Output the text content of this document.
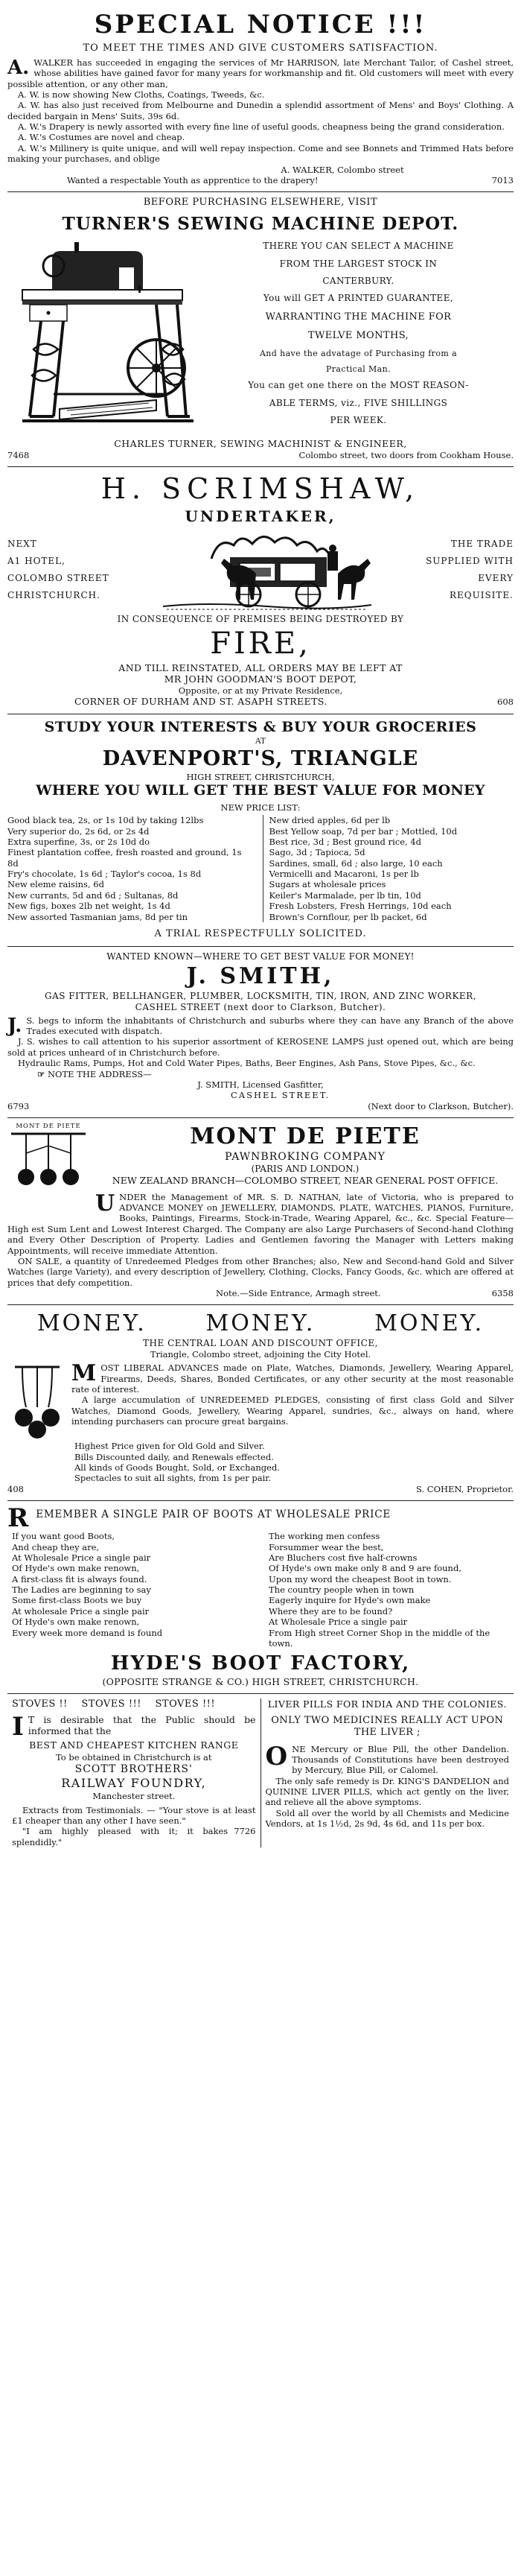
SPECIAL NOTICE !!!
TO MEET THE TIMES AND GIVE CUSTOMERS SATISFACTION.

A. WALKER has succeeded in engaging the services of Mr HARRISON, late Merchant Tailor, of Cashel street, whose abilities have gained favor for many years for workmanship and fit. Old customers will meet with every possible attention, or any other man,

A. W. is now showing New Cloths, Coatings, Tweeds, &c.

A. W. has also just received from Melbourne and Dunedin a splendid assortment of Mens' and Boys' Clothing. A decided bargain in Mens' Suits, 39s 6d.

A. W.'s Drapery is newly assorted with every fine line of useful goods, cheapness being the grand consideration.

A. W.'s Costumes are novel and cheap.

A. W.'s Millinery is quite unique, and will well repay inspection. Come and see Bonnets and Trimmed Hats before making your purchases, and oblige

A. WALKER, Colombo street
Wanted a respectable Youth as apprentice to the drapery!	7013
BEFORE PURCHASING ELSEWHERE, VISIT
TURNER'S SEWING MACHINE DEPOT.
THERE YOU CAN SELECT A MACHINE
FROM THE LARGEST STOCK IN
CANTERBURY.
You will GET A PRINTED GUARANTEE,
WARRANTING THE MACHINE FOR
TWELVE MONTHS,
And have the advatage of Purchasing from a
Practical Man.
You can get one there on the MOST REASON-
ABLE TERMS, viz., FIVE SHILLINGS
PER WEEK.
CHARLES TURNER, SEWING MACHINIST & ENGINEER,
7468	Colombo street, two doors from Cookham House.
H. SCRIMSHAW,
UNDERTAKER,
NEXT
A1 HOTEL,
COLOMBO STREET
CHRISTCHURCH.
THE TRADE
SUPPLIED WITH
EVERY
REQUISITE.
IN CONSEQUENCE OF PREMISES BEING DESTROYED BY
FIRE,
AND TILL REINSTATED, ALL ORDERS MAY BE LEFT AT
MR JOHN GOODMAN'S BOOT DEPOT,
Opposite, or at my Private Residence,
CORNER OF DURHAM AND ST. ASAPH STREETS.	608
STUDY YOUR INTERESTS & BUY YOUR GROCERIES
AT
DAVENPORT'S, TRIANGLE
HIGH STREET, CHRISTCHURCH,
WHERE YOU WILL GET THE BEST VALUE FOR MONEY
NEW PRICE LIST:
Good black tea, 2s, or 1s 10d by taking 12lbs
Very superior do, 2s 6d, or 2s 4d
Extra superfine, 3s, or 2s 10d do
Finest plantation coffee, fresh roasted and ground, 1s 8d
Fry's chocolate, 1s 6d ; Taylor's cocoa, 1s 8d
New eleme raisins, 6d
New currants, 5d and 6d ; Sultanas, 8d
New figs, boxes 2lb net weight, 1s 4d
New assorted Tasmanian jams, 8d per tin
New dried apples, 6d per lb
Best Yellow soap, 7d per bar ; Mottled, 10d
Best rice, 3d ; Best ground rice, 4d
Sago, 3d ; Tapioca, 5d
Sardines, small, 6d ; also large, 10 each
Vermicelli and Macaroni, 1s per lb
Sugars at wholesale prices
Keiler's Marmalade, per lb tin, 10d
Fresh Lobsters, Fresh Herrings, 10d each
Brown's Cornflour, per lb packet, 6d
A TRIAL RESPECTFULLY SOLICITED.
WANTED KNOWN—WHERE TO GET BEST VALUE FOR MONEY!
J. SMITH,
GAS FITTER, BELLHANGER, PLUMBER, LOCKSMITH, TIN, IRON, AND ZINC WORKER,
CASHEL STREET (next door to Clarkson, Butcher).

J. S. begs to inform the inhabitants of Christchurch and suburbs where they can have any Branch of the above Trades executed with dispatch.

J. S. wishes to call attention to his superior assortment of KEROSENE LAMPS just opened out, which are being sold at prices unheard of in Christchurch before.

Hydraulic Rams, Pumps, Hot and Cold Water Pipes, Baths, Beer Engines, Ash Pans, Stove Pipes, &c., &c.

☞ NOTE THE ADDRESS—
J. SMITH, Licensed Gasfitter,
CASHEL STREET.
6793	(Next door to Clarkson, Butcher).
MONT DE PIETE	MONT DE PIETE
PAWNBROKING COMPANY
(PARIS AND LONDON.)
NEW ZEALAND BRANCH—COLOMBO STREET, NEAR GENERAL POST OFFICE.

U NDER the Management of MR. S. D. NATHAN, late of Victoria, who is prepared to ADVANCE MONEY on JEWELLERY, DIAMONDS, PLATE, WATCHES, PIANOS, Furniture, Books, Paintings, Firearms, Stock-in-Trade, Wearing Apparel, &c., &c. Special Feature—High est Sum Lent and Lowest Interest Charged. The Company are also Large Purchasers of Second-hand Clothing and Every Other Description of Property. Ladies and Gentlemen favoring the Manager with Letters making Appointments, will receive immediate Attention.

ON SALE, a quantity of Unredeemed Pledges from other Branches; also, New and Second-hand Gold and Silver Watches (large Variety), and every description of Jewellery, Clothing, Clocks, Fancy Goods, &c. which are offered at prices that defy competition.

Note.—Side Entrance, Armagh street.	6358
MONEY.	MONEY.	MONEY.
THE CENTRAL LOAN AND DISCOUNT OFFICE,
Triangle, Colombo street, adjoining the City Hotel.

M OST LIBERAL ADVANCES made on Plate, Watches, Diamonds, Jewellery, Wearing Apparel, Firearms, Deeds, Shares, Bonded Certificates, or any other security at the most reasonable rate of interest.

A large accumulation of UNREDEEMED PLEDGES, consisting of first class Gold and Silver Watches, Diamond Goods, Jewellery, Wearing Apparel, sundries, &c., always on hand, where intending purchasers can procure great bargains.

Highest Price given for Old Gold and Silver.
Bills Discounted daily, and Renewals effected.
All kinds of Goods Bought, Sold, or Exchanged.
Spectacles to suit all sights, from 1s per pair.
408	S. COHEN, Proprietor.
R EMEMBER A SINGLE PAIR OF BOOTS AT WHOLESALE PRICE
If you want good Boots,
And cheap they are,
At Wholesale Price a single pair
Of Hyde's own make renown,
A first-class fit is always found.
The Ladies are beginning to say
Some first-class Boots we buy
At wholesale Price a single pair
Of Hyde's own make renown,
Every week more demand is found
The working men confess
Forsummer wear the best,
Are Bluchers cost five half-crowns
Of Hyde's own make only 8 and 9 are found,
Upon my word the cheapest Boot in town.
The country people when in town
Eagerly inquire for Hyde's own make
Where they are to be found?
At Wholesale Price a single pair
From High street Corner Shop in the middle of the town.
HYDE'S BOOT FACTORY,
(OPPOSITE STRANGE & CO.) HIGH STREET, CHRISTCHURCH.
STOVES !!    STOVES !!!    STOVES !!!

I T is desirable that the Public should be informed that the

BEST AND CHEAPEST KITCHEN RANGE
To be obtained in Christchurch is at
SCOTT BROTHERS'
RAILWAY FOUNDRY,
Manchester street.

Extracts from Testimonials. — "Your stove is at least £1 cheaper than any other I have seen."

"I am highly pleased with it; it bakes splendidly."
7726
LIVER PILLS FOR INDIA AND THE COLONIES.
ONLY TWO MEDICINES REALLY ACT UPON THE LIVER ;

O NE Mercury or Blue Pill, the other Dandelion. Thousands of Constitutions have been destroyed by Mercury, Blue Pill, or Calomel.

The only safe remedy is Dr. KING'S DANDELION and QUININE LIVER PILLS, which act gently on the liver, and relieve all the above symptoms.

Sold all over the world by all Chemists and Medicine Vendors, at 1s 1½d, 2s 9d, 4s 6d, and 11s per box.
